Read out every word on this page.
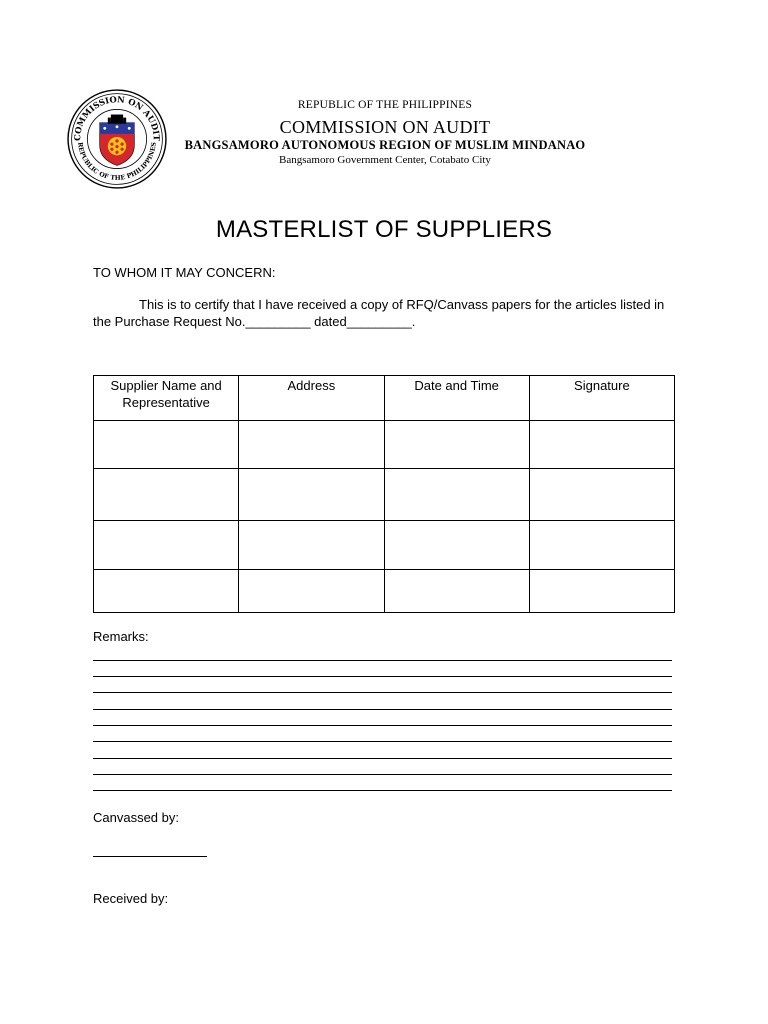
COMMISSION ON AUDIT
REPUBLIC OF THE PHILIPPINES
REPUBLIC OF THE PHILIPPINES
COMMISSION ON AUDIT
BANGSAMORO AUTONOMOUS REGION OF MUSLIM MINDANAO
Bangsamoro Government Center, Cotabato City
MASTERLIST OF SUPPLIERS
TO WHOM IT MAY CONCERN:
This is to certify that I have received a copy of RFQ/Canvass papers for the articles listed in
the Purchase Request No._________ dated_________.
Supplier Name and Representative	Address	Date and Time	Signature

Remarks:
Canvassed by:
Received by:
